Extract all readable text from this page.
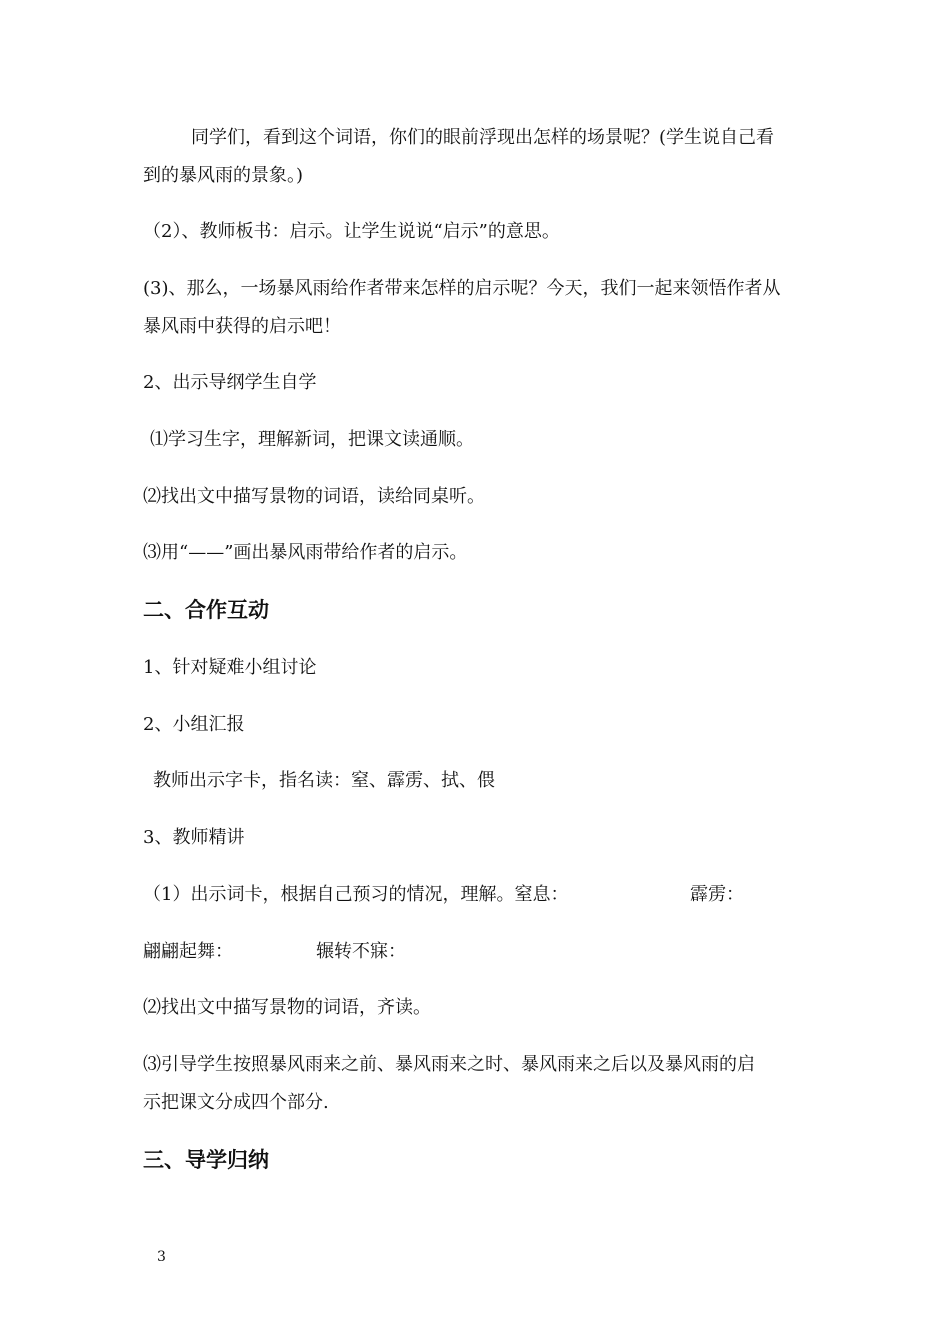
同学们，看到这个词语，你们的眼前浮现出怎样的场景呢？(学生说自己看
到的暴风雨的景象。)
（2）、教师板书：启示。让学生说说“启示”的意思。
(3)、那么，一场暴风雨给作者带来怎样的启示呢？今天，我们一起来领悟作者从
暴风雨中获得的启示吧！
2、出示导纲学生自学
⑴学习生字，理解新词，把课文读通顺。
⑵找出文中描写景物的词语，读给同桌听。
⑶用“——”画出暴风雨带给作者的启示。
二、合作互动
1、针对疑难小组讨论
2、小组汇报
教师出示字卡，指名读：窒、霹雳、拭、偎
3、教师精讲
（1）出示词卡，根据自己预习的情况，理解。窒息：	霹雳：
翩翩起舞：	辗转不寐：
⑵找出文中描写景物的词语，齐读。
⑶引导学生按照暴风雨来之前、暴风雨来之时、暴风雨来之后以及暴风雨的启
示把课文分成四个部分.
三、导学归纳
3
